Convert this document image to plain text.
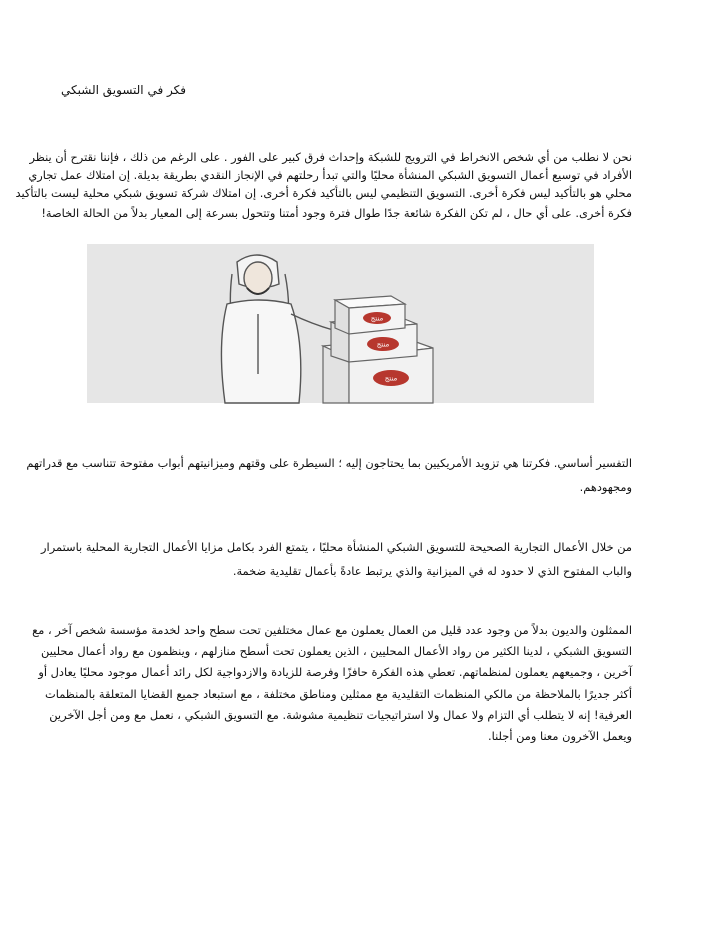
فكر في التسويق الشبكي
نحن لا نطلب من أي شخص الانخراط في الترويج للشبكة وإحداث فرق كبير على الفور . على الرغم من ذلك ، فإننا نقترح أن ينظر
الأفراد في توسيع أعمال التسويق الشبكي المنشأة محليًا والتي تبدأ رحلتهم في الإنجاز النقدي بطريقة بديلة. إن امتلاك عمل تجاري
محلي هو بالتأكيد ليس فكرة أخرى. التسويق التنظيمي ليس بالتأكيد فكرة أخرى. إن امتلاك شركة تسويق شبكي محلية ليست بالتأكيد
فكرة أخرى. على أي حال ، لم تكن الفكرة شائعة جدًا طوال فترة وجود أمتنا وتتحول بسرعة إلى المعيار بدلاً من الحالة الخاصة!
منتج
منتج
منتج
التفسير أساسي. فكرتنا هي تزويد الأمريكيين بما يحتاجون إليه ؛ السيطرة على وقتهم وميزانيتهم أبواب مفتوحة تتناسب مع قدراتهم
ومجهودهم.
من خلال الأعمال التجارية الصحيحة للتسويق الشبكي المنشأة محليًا ، يتمتع الفرد بكامل مزايا الأعمال التجارية المحلية باستمرار
والباب المفتوح الذي لا حدود له في الميزانية والذي يرتبط عادةً بأعمال تقليدية ضخمة.
الممثلون والديون بدلاً من وجود عدد قليل من العمال يعملون مع عمال مختلفين تحت سطح واحد لخدمة مؤسسة شخص آخر ، مع
التسويق الشبكي ، لدينا الكثير من رواد الأعمال المحليين ، الذين يعملون تحت أسطح منازلهم ، وينظمون مع رواد أعمال محليين
آخرين ، وجميعهم يعملون لمنظماتهم. تعطي هذه الفكرة حافزًا وفرصة للزيادة والازدواجية لكل رائد أعمال موجود محليًا يعادل أو
أكثر جديرًا بالملاحظة من مالكي المنظمات التقليدية مع ممثلين ومناطق مختلفة ، مع استبعاد جميع القضايا المتعلقة بالمنظمات
العرفية! إنه لا يتطلب أي التزام ولا عمال ولا استراتيجيات تنظيمية مشوشة. مع التسويق الشبكي ، نعمل مع ومن أجل الآخرين
ويعمل الآخرون معنا ومن أجلنا.
